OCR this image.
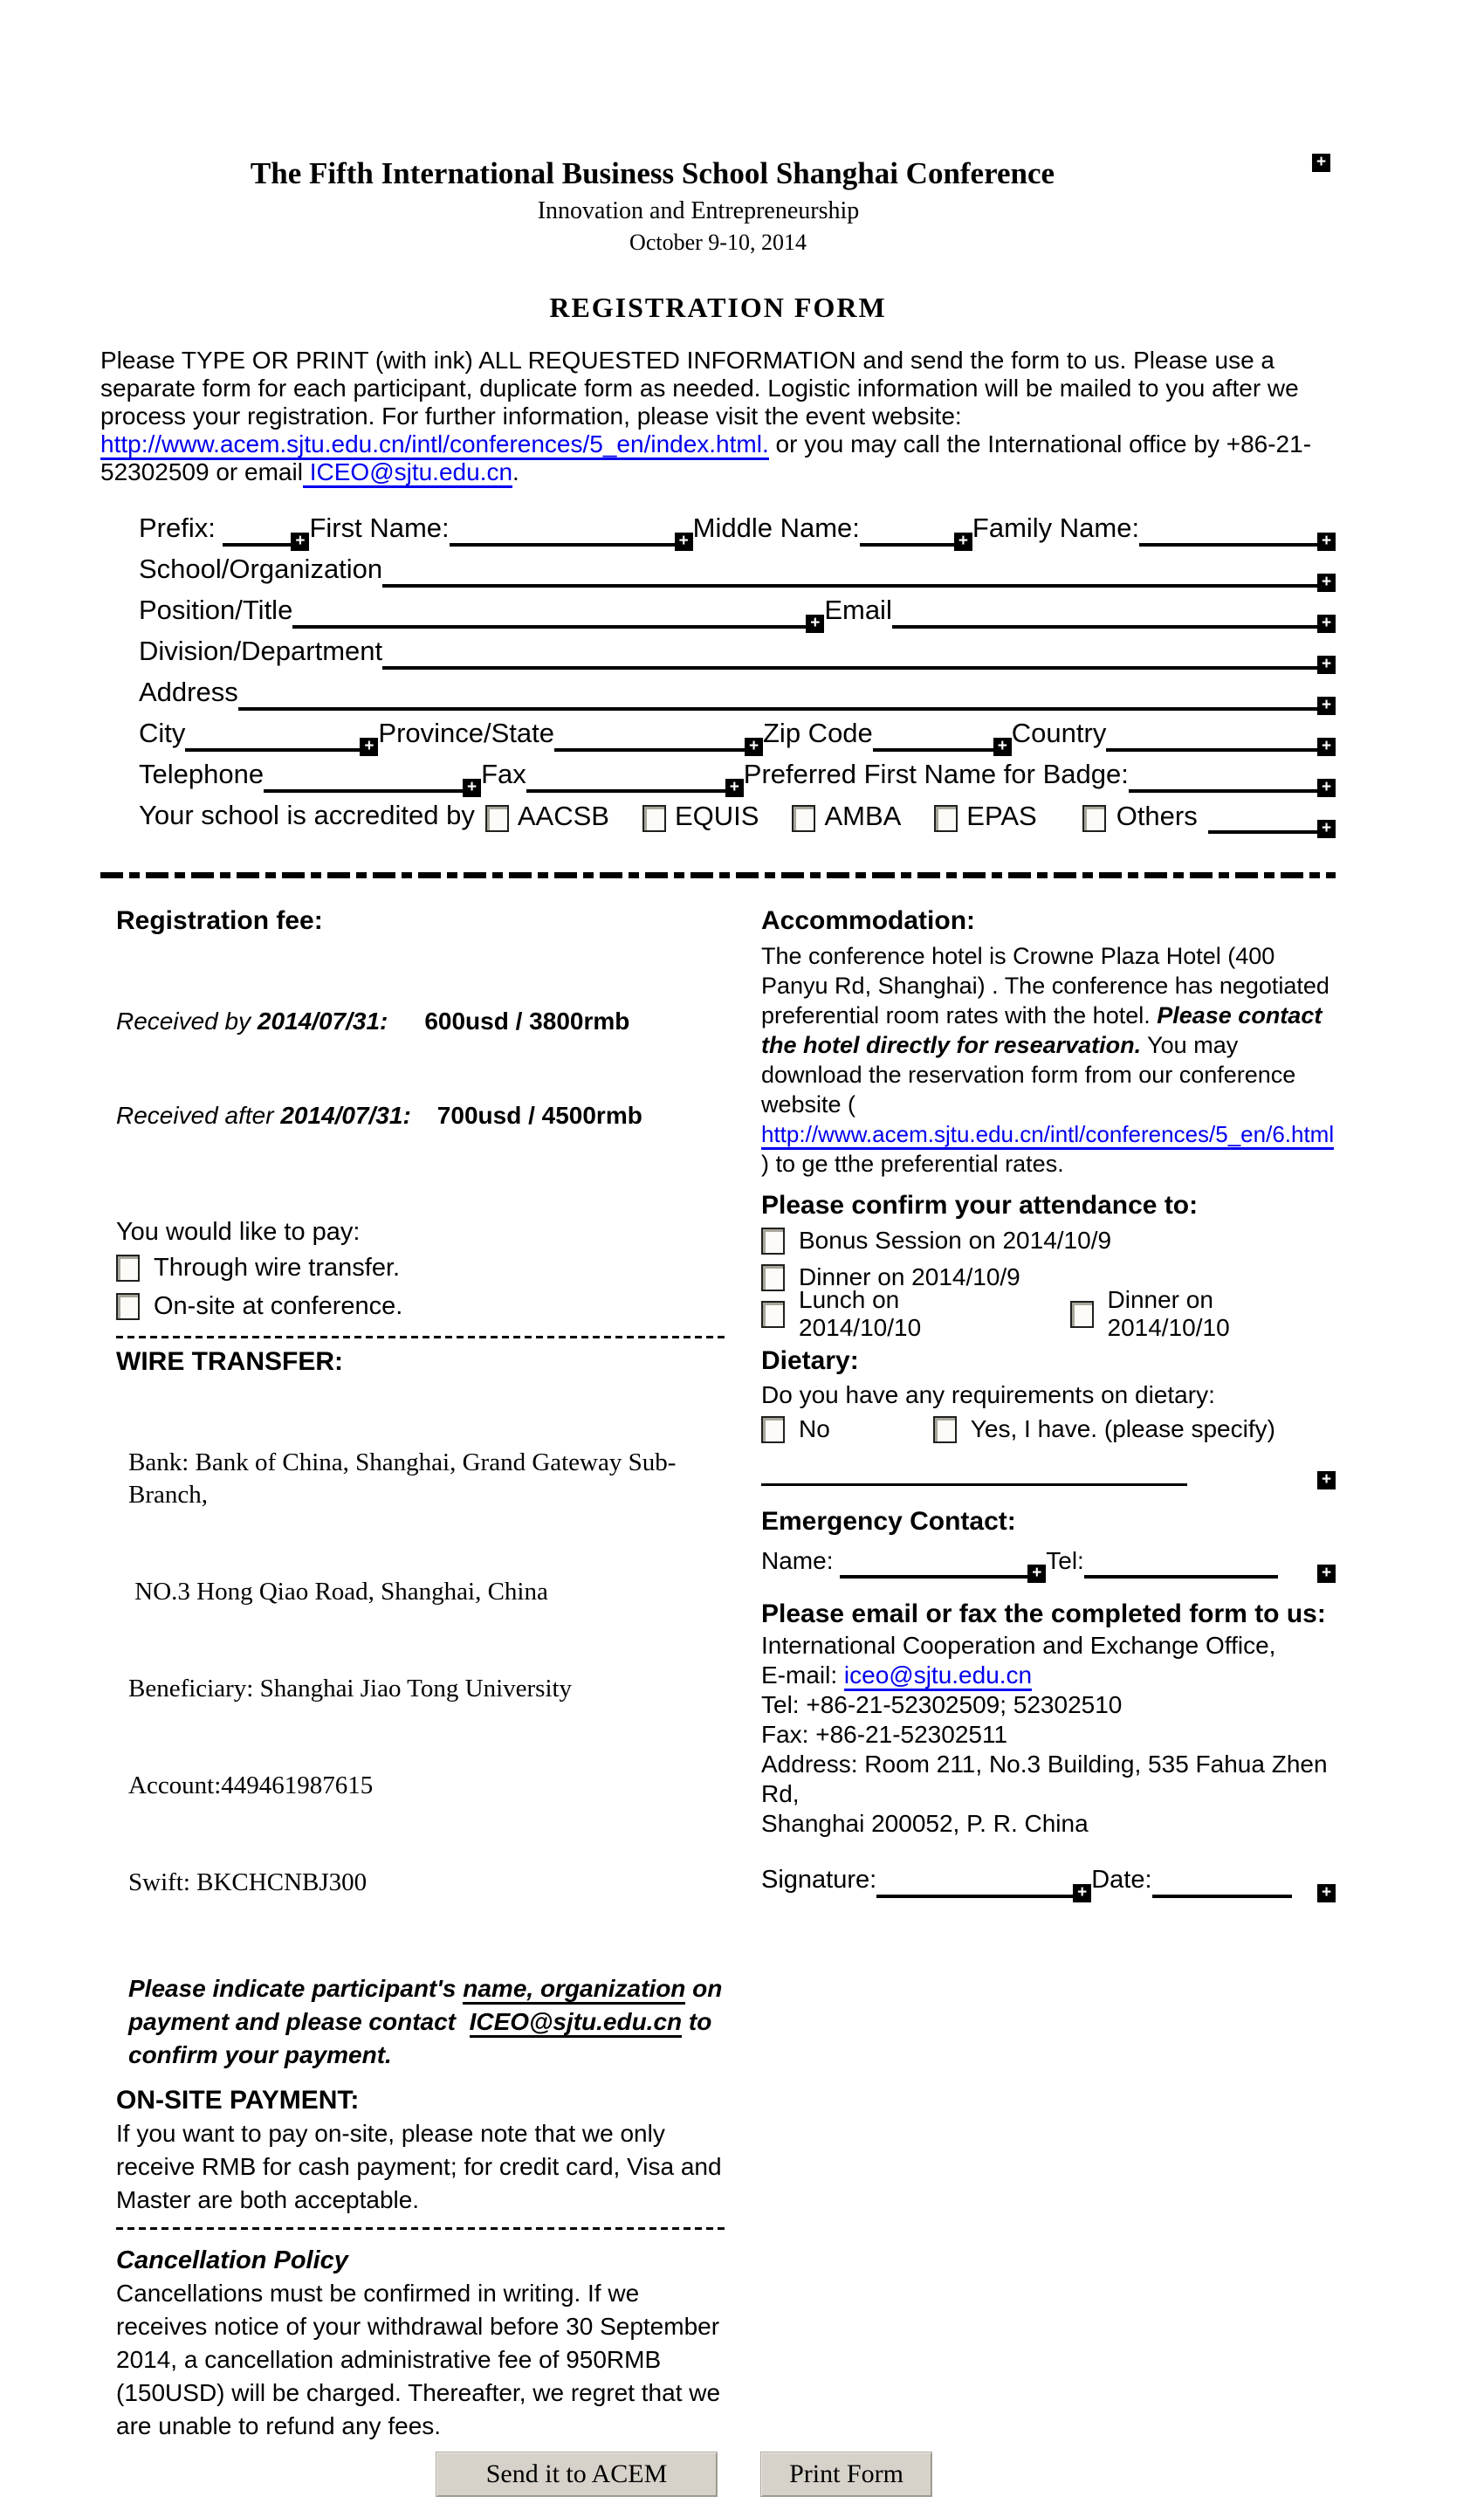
+
The Fifth International Business School Shanghai Conference
Innovation and Entrepreneurship
October 9-10, 2014
REGISTRATION FORM

Please TYPE OR PRINT (with ink) ALL REQUESTED INFORMATION and send the form to us. Please use a separate form for each participant, duplicate form as needed. Logistic information will be mailed to you after we process your registration. For further information, please visit the event website: http://www.acem.sjtu.edu.cn/intl/conferences/5_en/index.html. or you may call the International office by +86-21-52302509 or email ICEO@sjtu.edu.cn.

Prefix:	+ First Name:	+ Middle Name:	+ Family Name:	+
School/Organization	+
Position/Title	+ Email	+
Division/Department	+
Address	+
City	+ Province/State	+ Zip Code	+ Country	+
Telephone	+ Fax	+ Preferred First Name for Badge:	+
Your school is accredited by AACSB EQUIS AMBA EPAS	Others	+
Registration fee:

Received by 2014/07/31: 600usd / 3800rmb

Received after 2014/07/31: 700usd / 4500rmb

You would like to pay:
Through wire transfer.
On-site at conference.
WIRE TRANSFER:

Bank: Bank of China, Shanghai, Grand Gateway Sub-Branch,

NO.3 Hong Qiao Road, Shanghai, China

Beneficiary: Shanghai Jiao Tong University

Account:449461987615

Swift: BKCHCNBJ300

Please indicate participant's name, organization on payment and please contact  ICEO@sjtu.edu.cn to confirm your payment.
ON-SITE PAYMENT:
If you want to pay on-site, please note that we only receive RMB for cash payment; for credit card, Visa and Master are both acceptable.
Cancellation Policy
Cancellations must be confirmed in writing. If we receives notice of your withdrawal before 30 September 2014, a cancellation administrative fee of 950RMB (150USD) will be charged. Thereafter, we regret that we are unable to refund any fees.
Accommodation:
The conference hotel is Crowne Plaza Hotel (400 Panyu Rd, Shanghai) . The conference has negotiated preferential room rates with the hotel. Please contact the hotel directly for researvation. You may download the reservation form from our conference website ( http://www.acem.sjtu.edu.cn/intl/conferences/5_en/6.html ) to ge tthe preferential rates.
Please confirm your attendance to:
Bonus Session on 2014/10/9
Dinner on 2014/10/9
Lunch on 2014/10/10
Dinner on 2014/10/10
Dietary:
Do you have any requirements on dietary:
No	Yes, I have. (please specify)
+
Emergency Contact:
Name:	+ Tel:	+
Please email or fax the completed form to us:
International Cooperation and Exchange Office,
E-mail: iceo@sjtu.edu.cn
Tel: +86-21-52302509; 52302510
Fax: +86-21-52302511
Address: Room 211, No.3 Building, 535 Fahua Zhen Rd,
Shanghai 200052, P. R. China
Signature:	+ Date:	+
Send it to ACEM	Print Form
